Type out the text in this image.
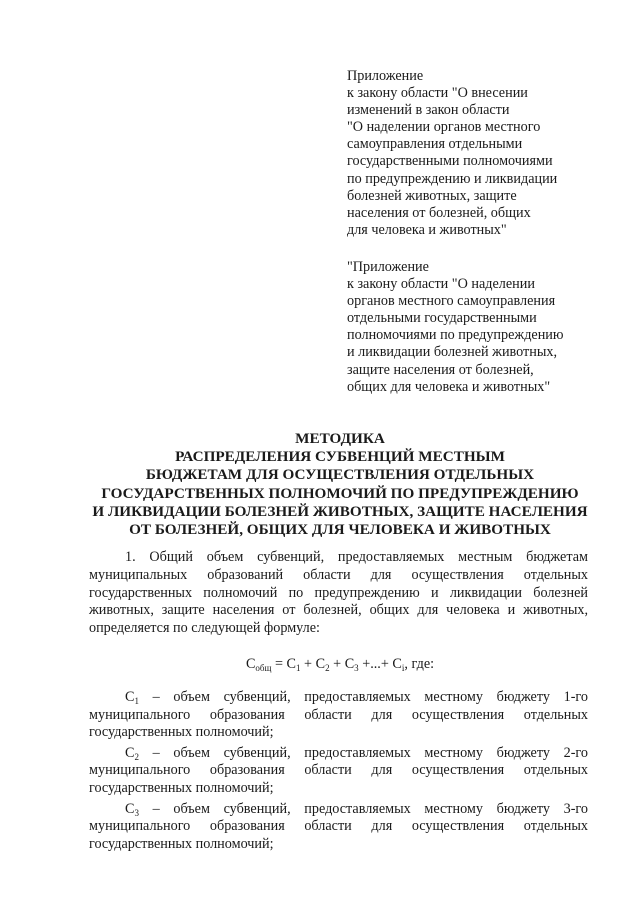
Приложение
к закону области "О внесении
изменений в закон области
"О наделении органов местного
самоуправления отдельными
государственными полномочиями
по предупреждению и ликвидации
болезней животных, защите
населения от болезней, общих
для человека и животных"
"Приложение
к закону области "О наделении
органов местного самоуправления
отдельными государственными
полномочиями по предупреждению
и ликвидации болезней животных,
защите населения от болезней,
общих для человека и животных"
МЕТОДИКА
РАСПРЕДЕЛЕНИЯ СУБВЕНЦИЙ МЕСТНЫМ
БЮДЖЕТАМ ДЛЯ ОСУЩЕСТВЛЕНИЯ ОТДЕЛЬНЫХ
ГОСУДАРСТВЕННЫХ ПОЛНОМОЧИЙ ПО ПРЕДУПРЕЖДЕНИЮ
И ЛИКВИДАЦИИ БОЛЕЗНЕЙ ЖИВОТНЫХ, ЗАЩИТЕ НАСЕЛЕНИЯ
ОТ БОЛЕЗНЕЙ, ОБЩИХ ДЛЯ ЧЕЛОВЕКА И ЖИВОТНЫХ
1. Общий объем субвенций, предоставляемых местным бюджетам
муниципальных образований области для осуществления отдельных
государственных полномочий по предупреждению и ликвидации болезней
животных, защите населения от болезней, общих для человека и животных,
определяется по следующей формуле:
$С_{общ} = С_1 + С_2 + С_3$ +...+ $С_i$, где:
$С_1$ – объем субвенций, предоставляемых местному бюджету 1-го
муниципального образования области для осуществления отдельных
государственных полномочий;
$С_2$ – объем субвенций, предоставляемых местному бюджету 2-го
муниципального образования области для осуществления отдельных
государственных полномочий;
$С_3$ – объем субвенций, предоставляемых местному бюджету 3-го
муниципального образования области для осуществления отдельных
государственных полномочий;
